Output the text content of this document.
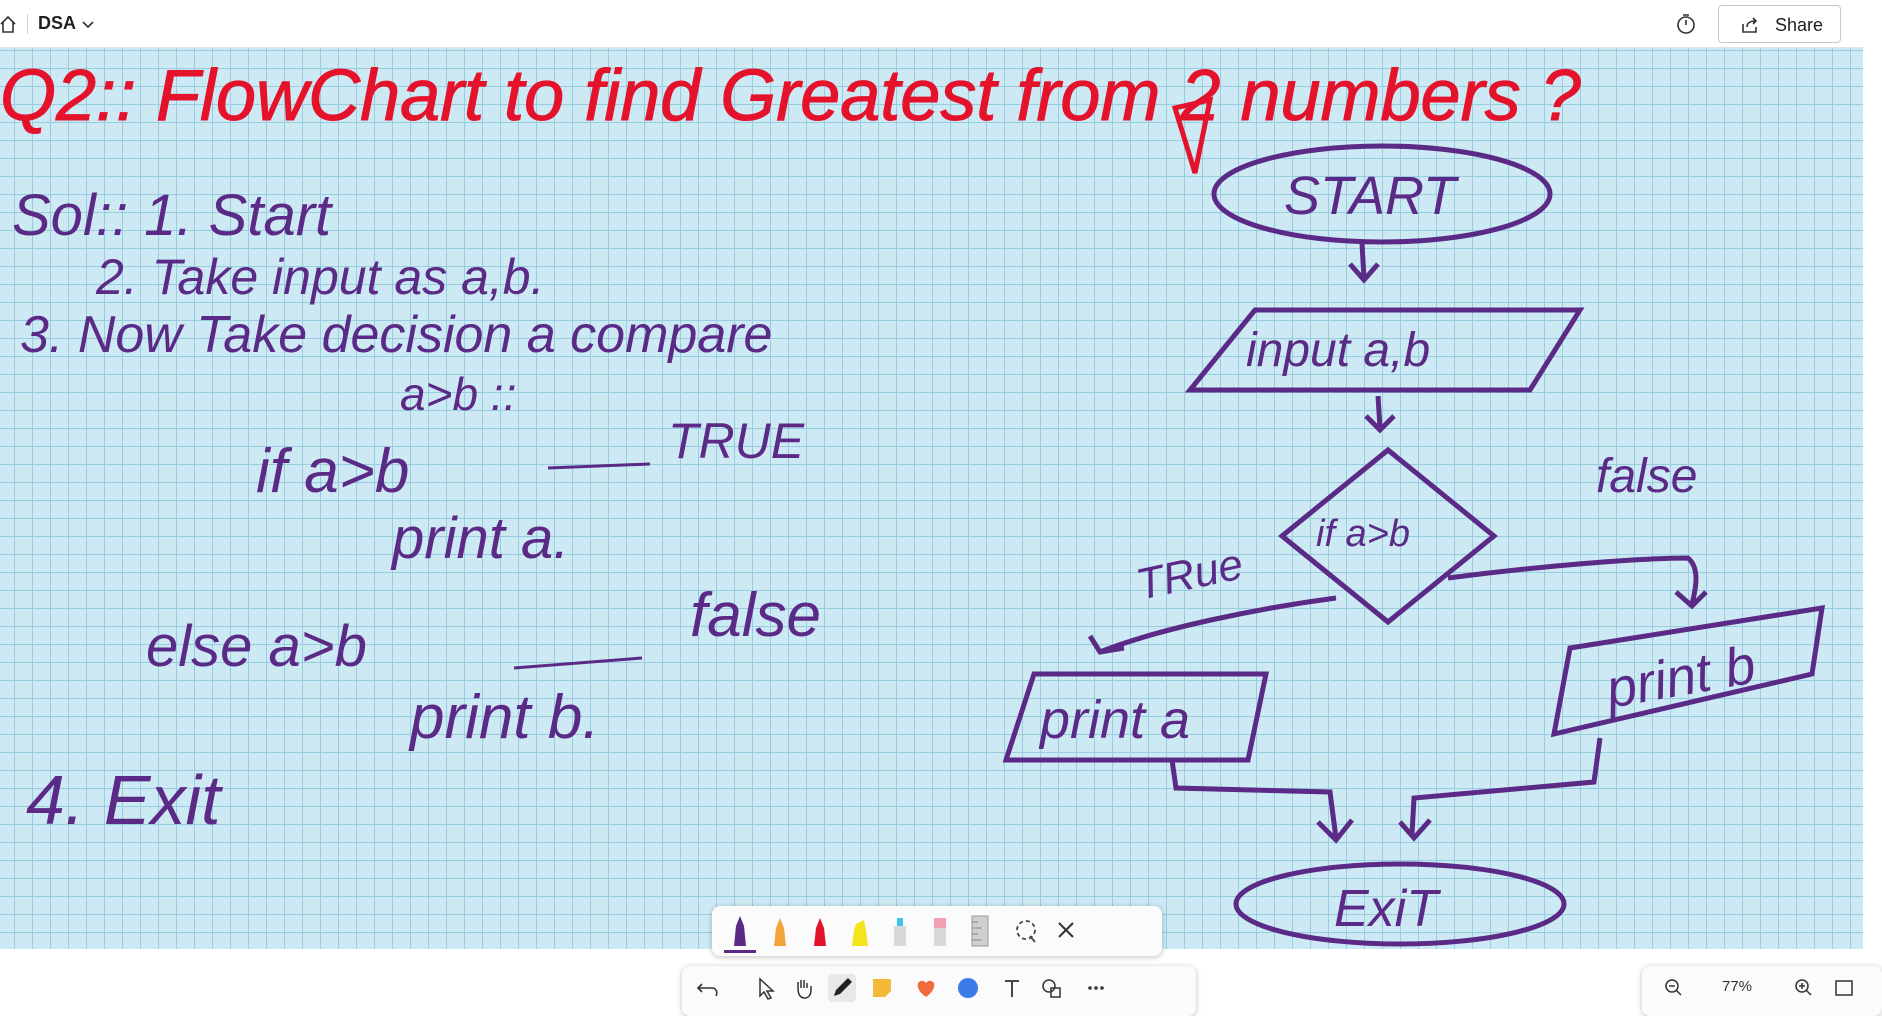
DSA	Share
Q2:: FlowChart to find Greatest from 2 numbers ?
Sol:: 1. Start
2. Take input as a,b.
3. Now Take decision a compare
a>b ::
if a>b	TRUE
print a.
else a>b	false
print b.
4. Exit
START
input a,b
if a>b
TRue
false
print a
print b
ExiT
77%
